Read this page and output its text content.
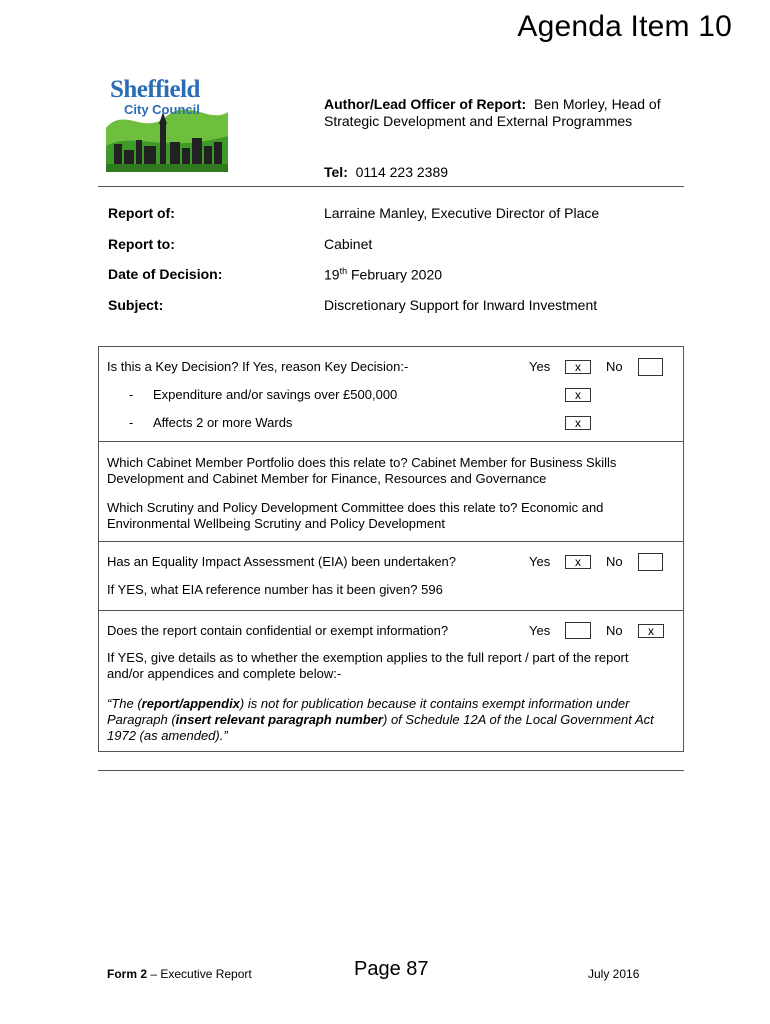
Agenda Item 10
Sheffield
City Council	Author/Lead Officer of Report: Ben Morley, Head of Strategic Development and External Programmes
Tel: 0114 223 2389
Report of:	Larraine Manley, Executive Director of Place
Report to:	Cabinet
Date of Decision:	19th February 2020
Subject:	Discretionary Support for Inward Investment
Is this a Key Decision? If Yes, reason Key Decision:-	Yes	x	No
- Expenditure and/or savings over £500,000	x
- Affects 2 or more Wards	x
Which Cabinet Member Portfolio does this relate to? Cabinet Member for Business Skills Development and Cabinet Member for Finance, Resources and Governance
Which Scrutiny and Policy Development Committee does this relate to? Economic and Environmental Wellbeing Scrutiny and Policy Development
Has an Equality Impact Assessment (EIA) been undertaken?	Yes	x	No
If YES, what EIA reference number has it been given? 596
Does the report contain confidential or exempt information?	Yes	No	x
If YES, give details as to whether the exemption applies to the full report / part of the report and/or appendices and complete below:-
“The (report/appendix) is not for publication because it contains exempt information under Paragraph (insert relevant paragraph number) of Schedule 12A of the Local Government Act 1972 (as amended).”
Form 2 – Executive Report	Page 87	July 2016
